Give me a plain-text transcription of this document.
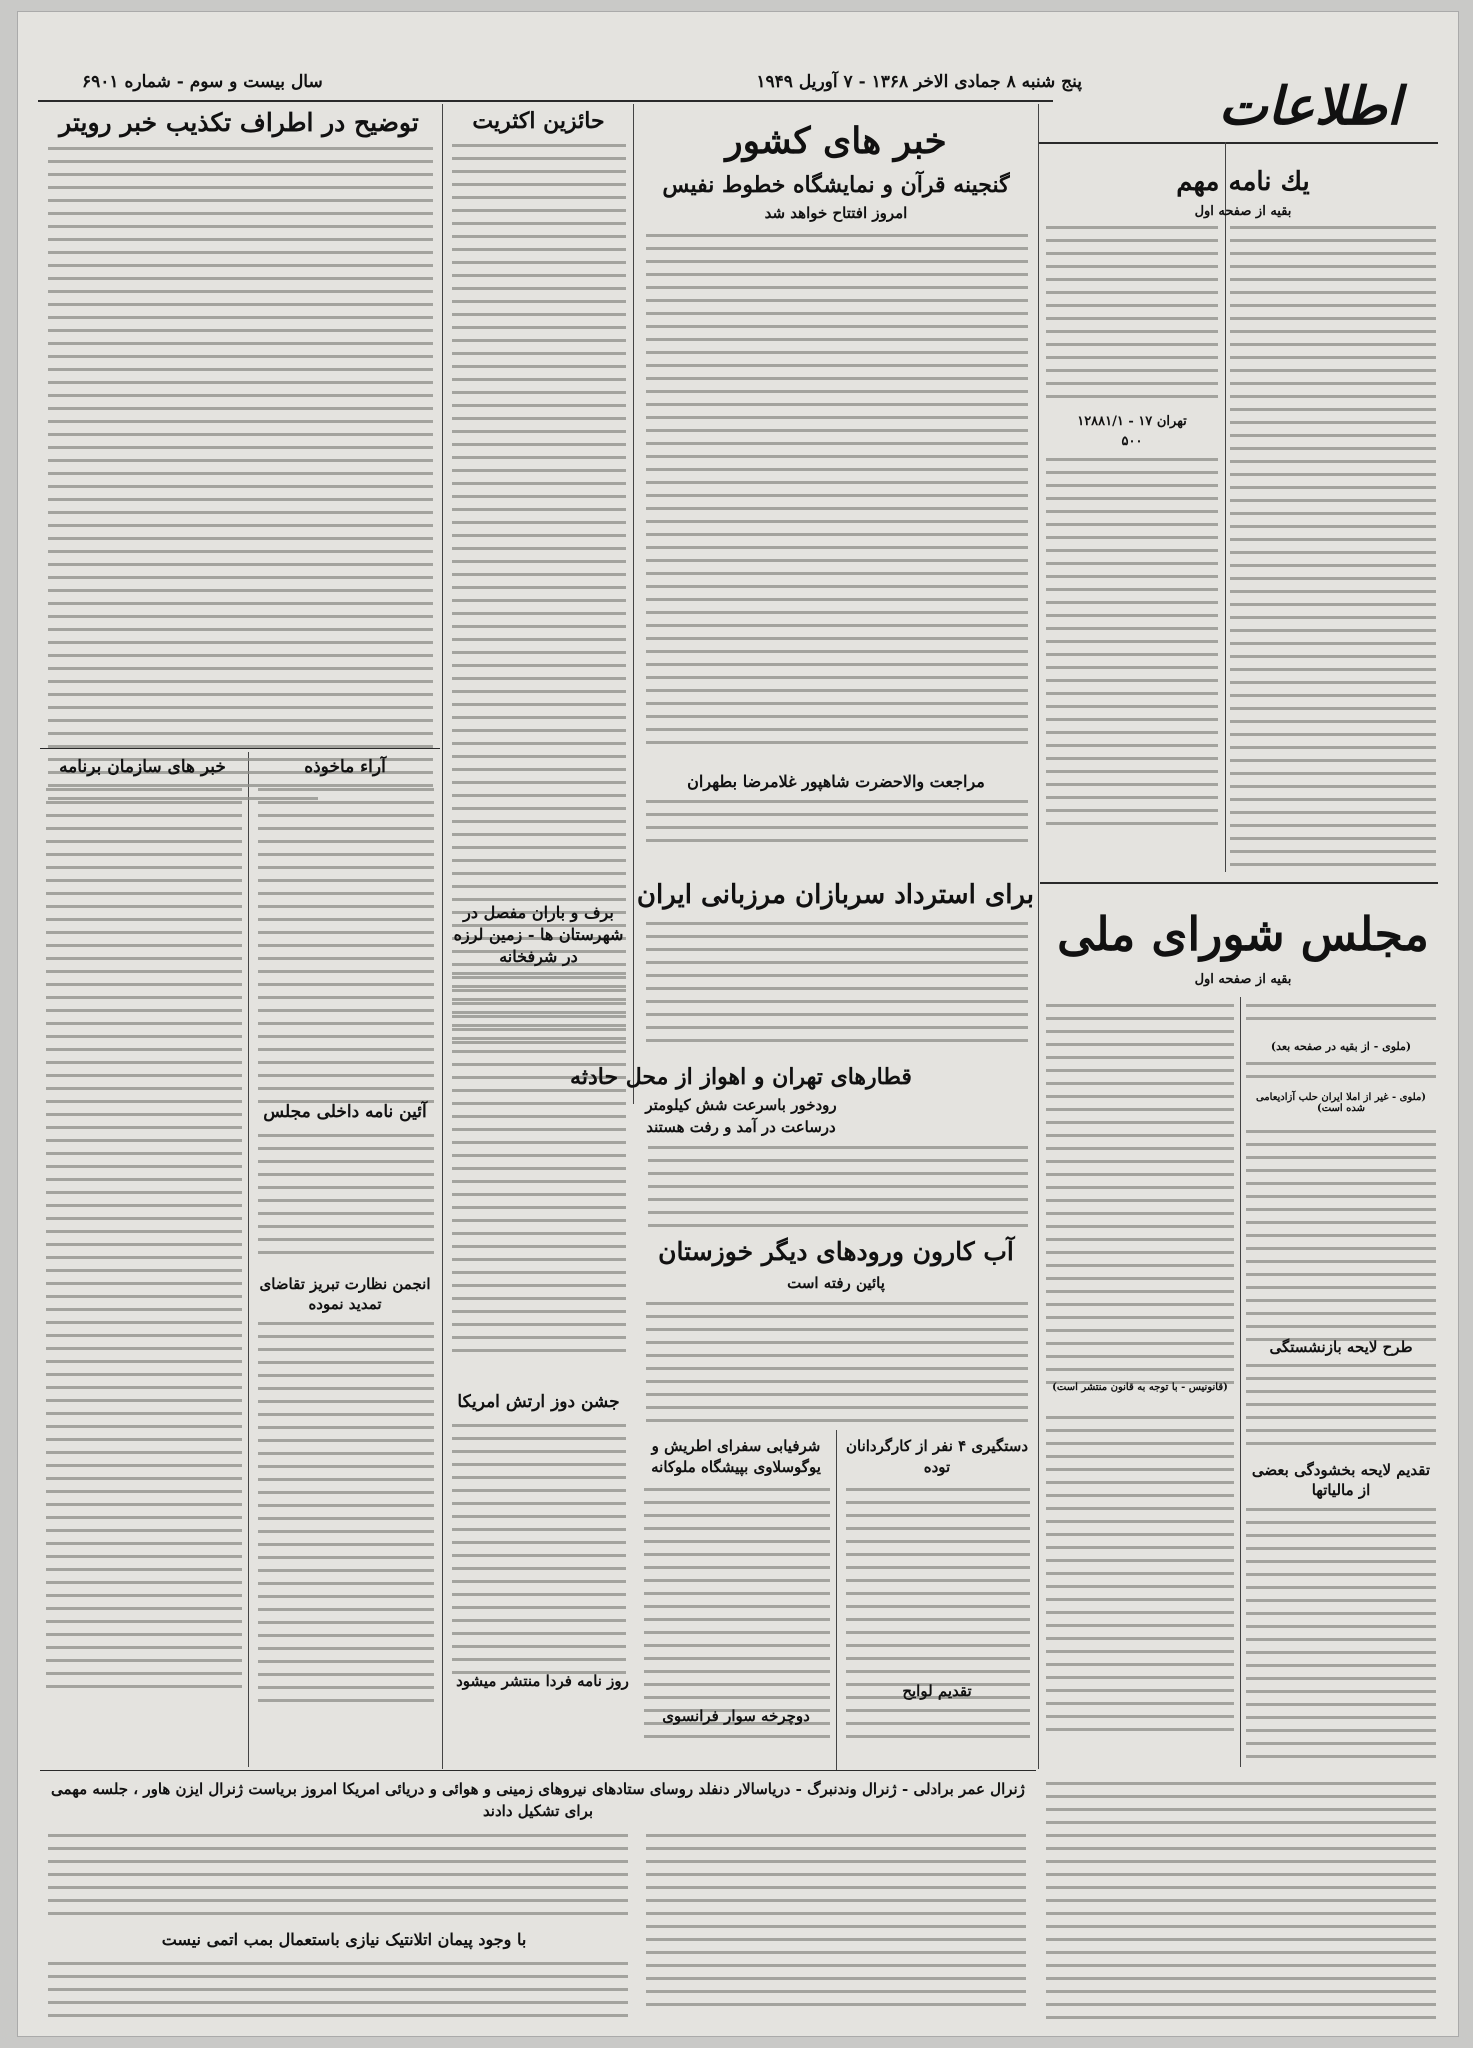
اطلاعات
پنج شنبه ۸ جمادی الاخر ۱۳۶۸ - ۷ آوریل ۱۹۴۹
سال بیست و سوم - شماره ۶۹۰۱
توضیح در اطراف تکذیب خبر رویتر
خبر های سازمان برنامه	آراء ماخوذه
آئین نامه داخلی مجلس
انجمن نظارت تبریز تقاضای تمدید نموده
حائزین اکثریت
برف و باران مفصل در شهرستان ها - زمین لرزه در شرفخانه
جشن دوز ارتش امریکا
روز نامه فردا منتشر میشود
خبر های کشور
گنجینه قرآن و نمایشگاه خطوط نفیس
امروز افتتاح خواهد شد
مراجعت والاحضرت شاهپور غلامرضا بطهران
برای استرداد سربازان مرزبانی ایران
قطارهای تهران و اهواز از محل حادثه
رودخور باسرعت شش کیلومتر
درساعت در آمد و رفت هستند
آب کارون ورودهای دیگر خوزستان
پائین رفته است
شرفیابی سفرای اطریش و یوگوسلاوی بپیشگاه ملوکانه
دستگیری ۴ نفر از کارگردانان توده
يك نامه مهم
بقیه از صفحه اول
تهران ۱۷ - ۱۲۸۸۱/۱
۵۰۰
مجلس شورای ملی
بقیه از صفحه اول
(ملوی - از بقیه در صفحه بعد)
(ملوی - غیر از املا ایران حلب آزادیعامی شده است)
طرح لایحه بازنشستگی
تقدیم لایحه بخشودگی بعضی از مالیاتها
تقدیم لوایح
(قانونیس - با توجه به قانون منتشر است)
دوچرخه سوار فرانسوی
ژنرال عمر برادلی - ژنرال وندنبرگ - دریاسالار دنفلد روسای ستادهای نیروهای زمینی و هوائی و دریائی امریکا امروز بریاست ژنرال ایزن هاور ، جلسه مهمی برای تشکیل دادند
با وجود پیمان اتلانتیک نیازی باستعمال بمب اتمی نیست
